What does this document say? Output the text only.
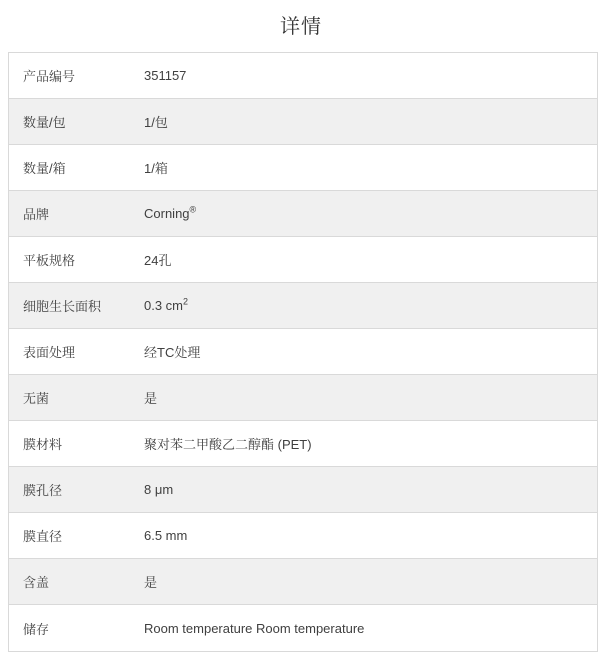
详情
产品编号	351157
数量/包	1/包
数量/箱	1/箱
品牌	Corning®
平板规格	24孔
细胞生长面积	0.3 $cm^2$
表面处理	经TC处理
无菌	是
膜材料	聚对苯二甲酸乙二醇酯 (PET)
膜孔径	8 μm
膜直径	6.5 mm
含盖	是
储存	Room temperature Room temperature
